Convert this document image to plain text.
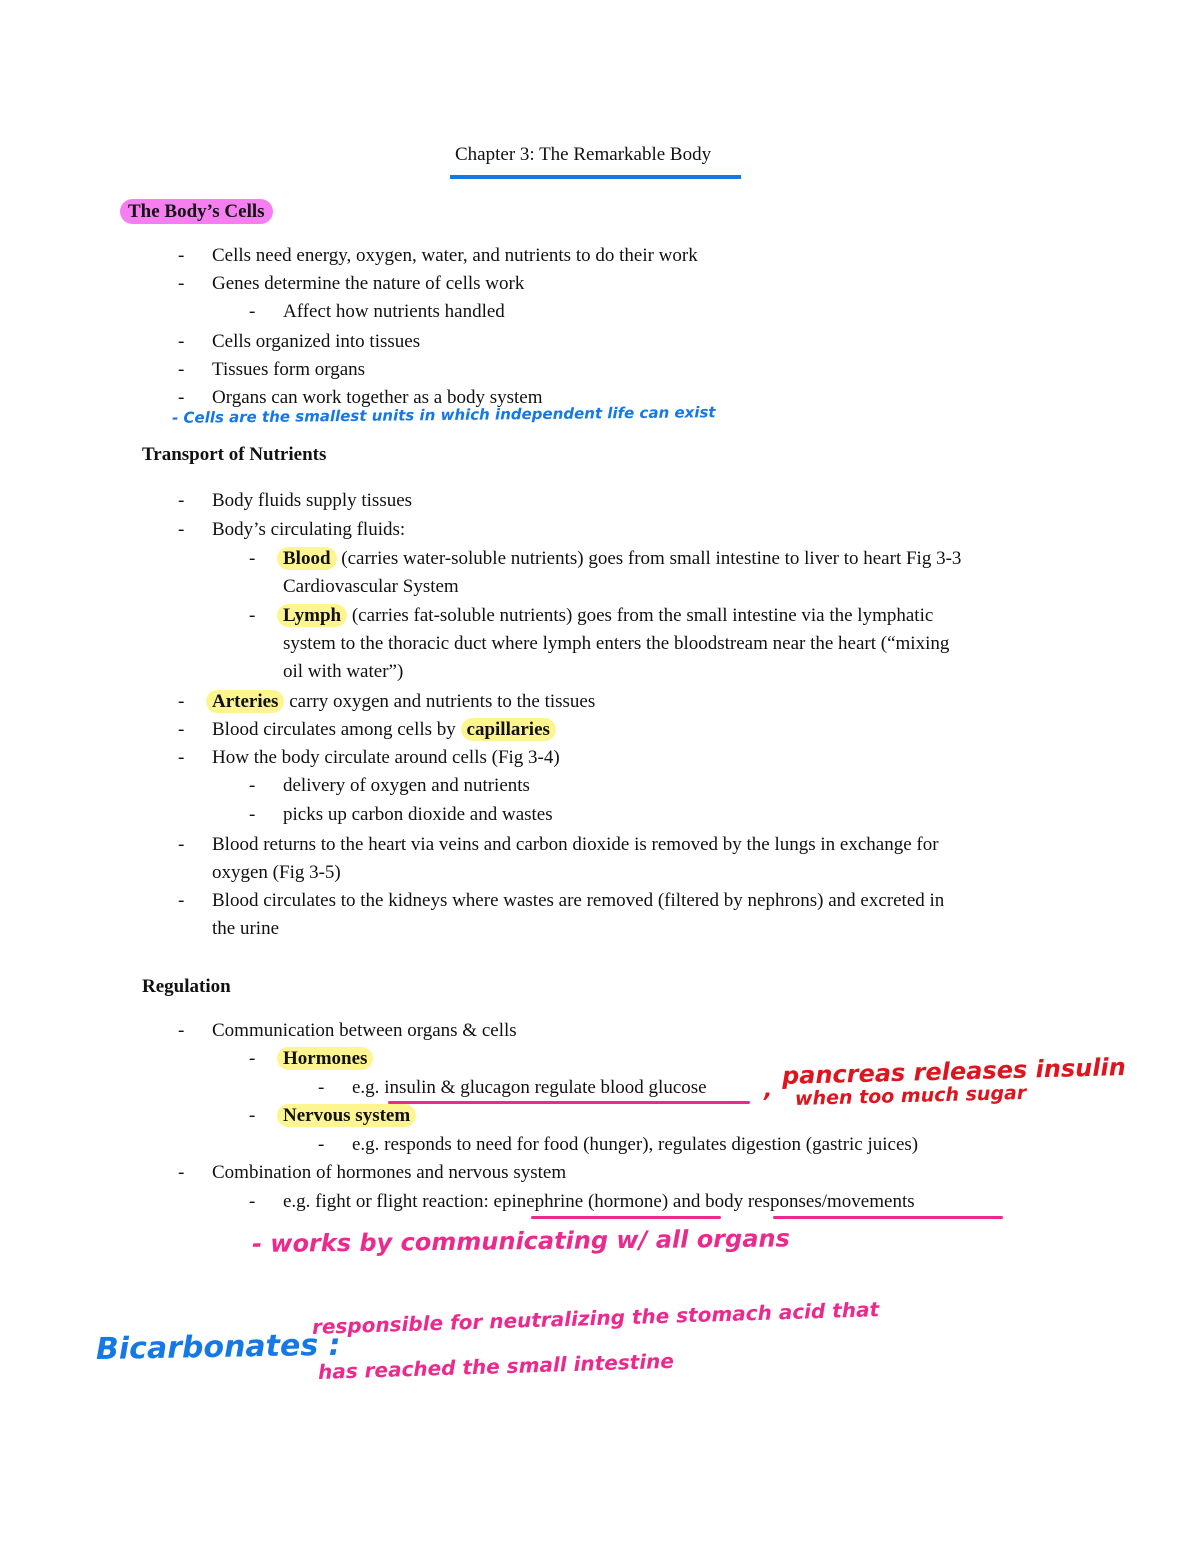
Chapter 3: The Remarkable Body
The Body’s Cells
- Cells need energy, oxygen, water, and nutrients to do their work
- Genes determine the nature of cells work
- Affect how nutrients handled
- Cells organized into tissues
- Tissues form organs
- Organs can work together as a body system
- Cells are the smallest units in which independent life can exist
Transport of Nutrients
- Body fluids supply tissues
- Body’s circulating fluids:
- Blood (carries water-soluble nutrients) goes from small intestine to liver to heart Fig 3-3
Cardiovascular System
- Lymph (carries fat-soluble nutrients) goes from the small intestine via the lymphatic
system to the thoracic duct where lymph enters the bloodstream near the heart (“mixing
oil with water”)
- Arteries carry oxygen and nutrients to the tissues
- Blood circulates among cells by capillaries
- How the body circulate around cells (Fig 3-4)
- delivery of oxygen and nutrients
- picks up carbon dioxide and wastes
- Blood returns to the heart via veins and carbon dioxide is removed by the lungs in exchange for
oxygen (Fig 3-5)
- Blood circulates to the kidneys where wastes are removed (filtered by nephrons) and excreted in
the urine
Regulation
- Communication between organs & cells
- Hormones
- e.g. insulin & glucagon regulate blood glucose	,
pancreas releases insulin
when too much sugar
- Nervous system
- e.g. responds to need for food (hunger), regulates digestion (gastric juices)
- Combination of hormones and nervous system
- e.g. fight or flight reaction: epinephrine (hormone) and body responses/movements
- works by communicating w/ all organs
Bicarbonates :
responsible for neutralizing the stomach acid that
has reached the small intestine
